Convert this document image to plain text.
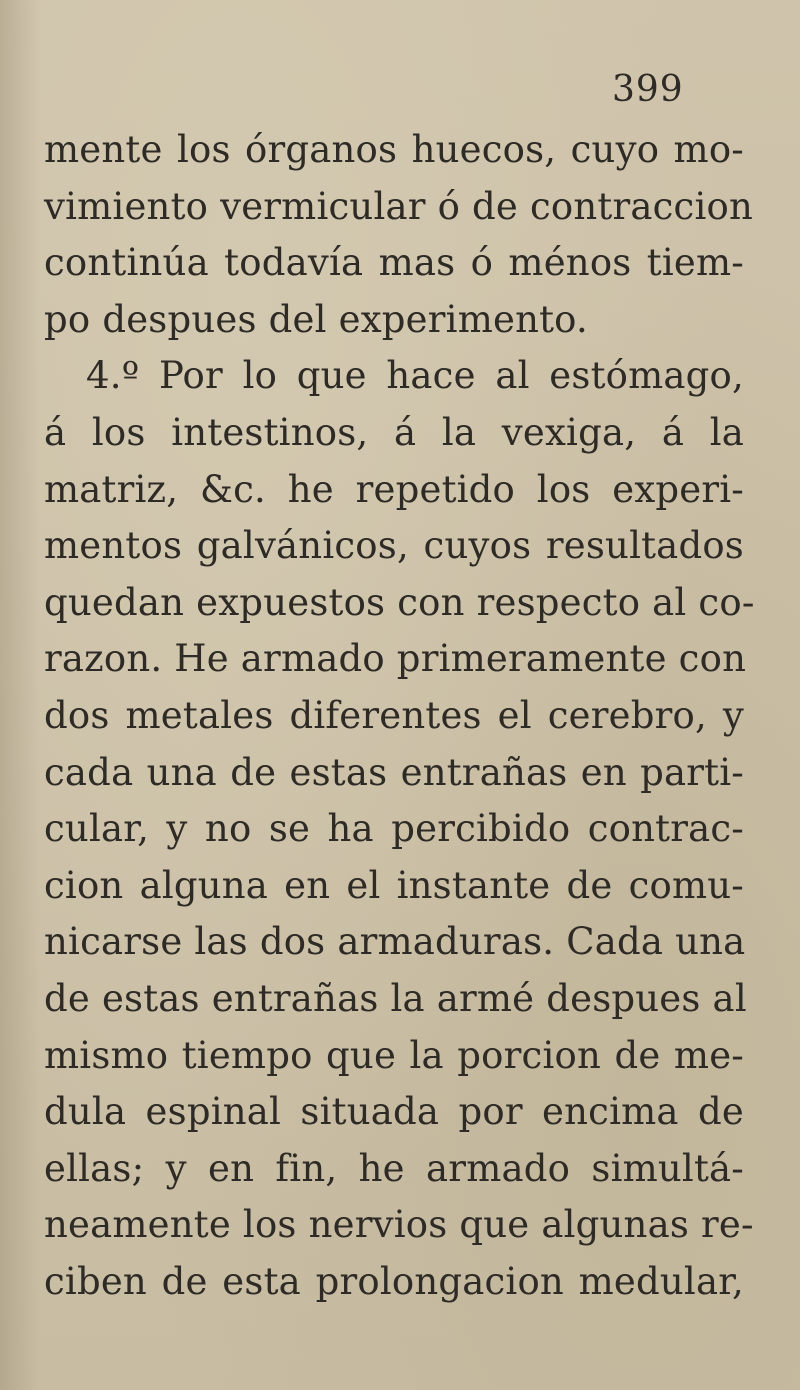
399
mente los órganos huecos, cuyo mo-
vimiento vermicular ó de contraccion
continúa todavía mas ó ménos tiem-
po despues del experimento.
4.º Por lo que hace al estómago,
á los intestinos, á la vexiga, á la
matriz, &c. he repetido los experi-
mentos galvánicos, cuyos resultados
quedan expuestos con respecto al co-
razon. He armado primeramente con
dos metales diferentes el cerebro, y
cada una de estas entrañas en parti-
cular, y no se ha percibido contrac-
cion alguna en el instante de comu-
nicarse las dos armaduras. Cada una
de estas entrañas la armé despues al
mismo tiempo que la porcion de me-
dula espinal situada por encima de
ellas; y en fin, he armado simultá-
neamente los nervios que algunas re-
ciben de esta prolongacion medular,
